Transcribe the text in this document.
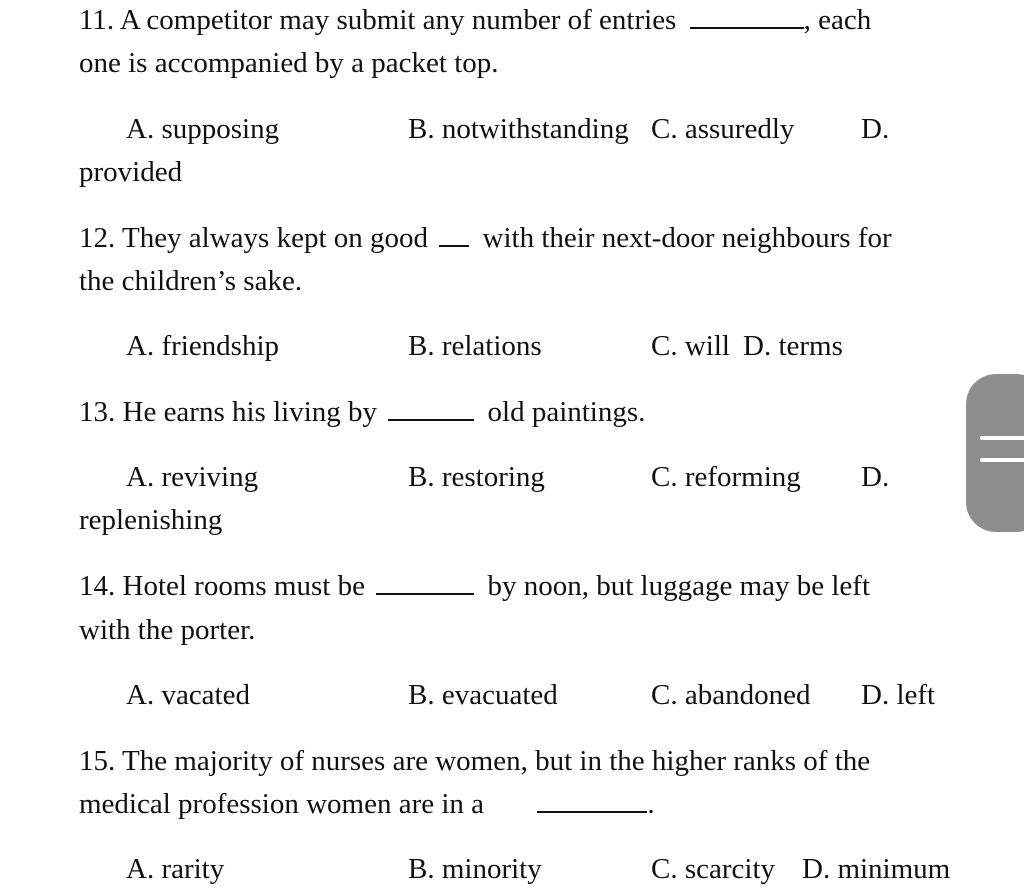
11. A competitor may submit any number of entries	, each
one is accompanied by a packet top.
A. supposing	B. notwithstanding C. assuredly D.
provided
12. They always kept on good with their next-door neighbours for
the children’s sake.
A. friendship	B. relations	C. will D. terms
13. He earns his living by	old paintings.
A. reviving	B. restoring	C. reforming D.
replenishing
14. Hotel rooms must be	by noon, but luggage may be left
with the porter.
A. vacated	B. evacuated	C. abandoned D. left
15. The majority of nurses are women, but in the higher ranks of the
medical profession women are in a	.
A. rarity	B. minority	C. scarcity D. minimum
